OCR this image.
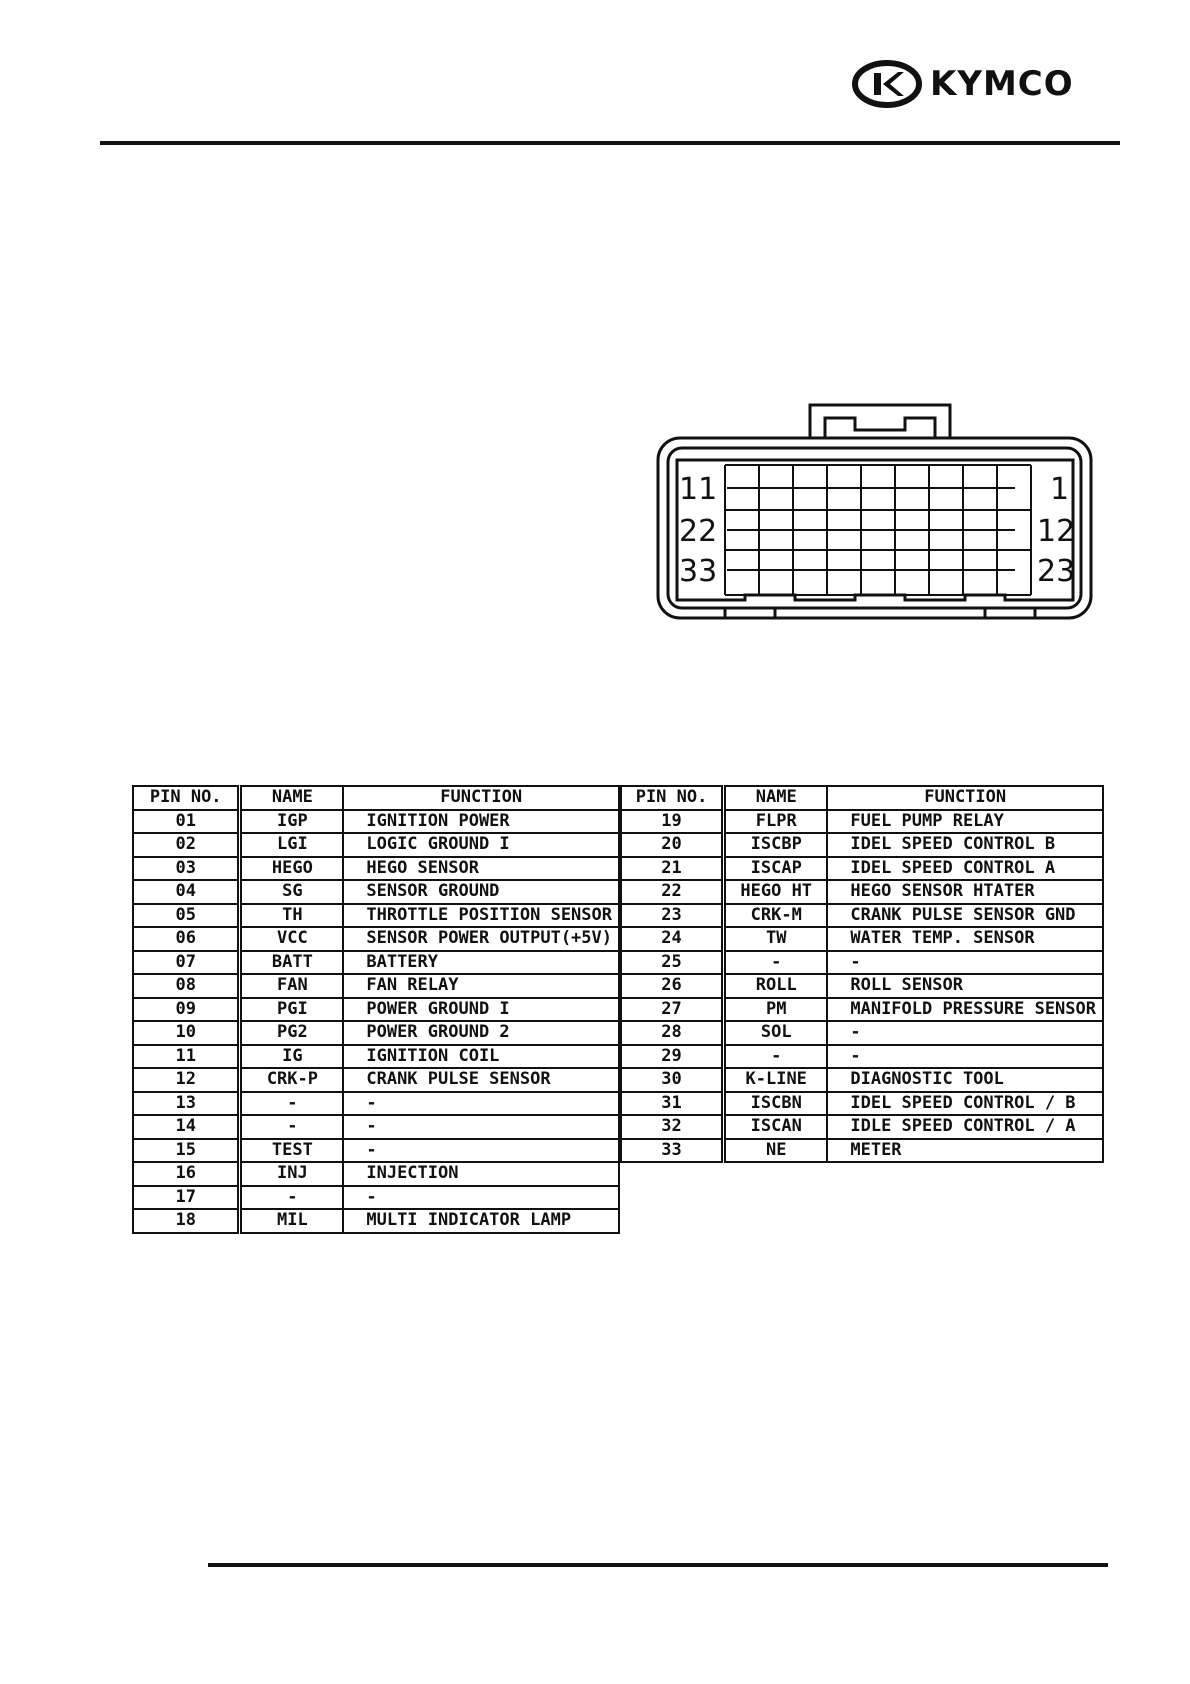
KYMCO
11
22
33
1
12
23
PIN NO.	NAME	FUNCTION
01	IGP	IGNITION POWER
02	LGI	LOGIC GROUND I
03	HEGO	HEGO SENSOR
04	SG	SENSOR GROUND
05	TH	THROTTLE POSITION SENSOR
06	VCC	SENSOR POWER OUTPUT(+5V)
07	BATT	BATTERY
08	FAN	FAN RELAY
09	PGI	POWER GROUND I
10	PG2	POWER GROUND 2
11	IG	IGNITION COIL
12	CRK-P	CRANK PULSE SENSOR
13	-	-
14	-	-
15	TEST	-
16	INJ	INJECTION
17	-	-
18	MIL	MULTI INDICATOR LAMP
PIN NO.	NAME	FUNCTION
19	FLPR	FUEL PUMP RELAY
20	ISCBP	IDEL SPEED CONTROL B
21	ISCAP	IDEL SPEED CONTROL A
22	HEGO HT	HEGO SENSOR HTATER
23	CRK-M	CRANK PULSE SENSOR GND
24	TW	WATER TEMP. SENSOR
25	-	-
26	ROLL	ROLL SENSOR
27	PM	MANIFOLD PRESSURE SENSOR
28	SOL	-
29	-	-
30	K-LINE	DIAGNOSTIC TOOL
31	ISCBN	IDEL SPEED CONTROL / B
32	ISCAN	IDLE SPEED CONTROL / A
33	NE	METER
